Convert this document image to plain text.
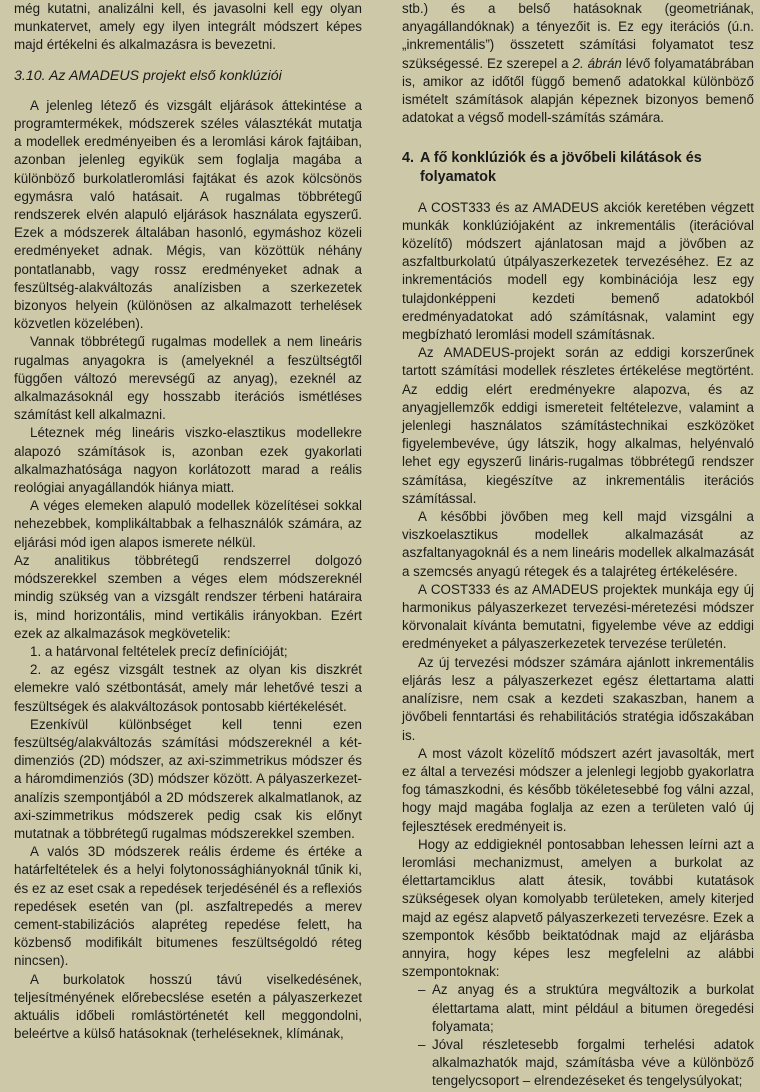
még kutatni, analizálni kell, és javasolni kell egy olyan munkatervet, amely egy ilyen integrált módszert képes majd értékelni és alkalmazásra is bevezetni.

3.10. Az AMADEUS projekt első konklúziói

A jelenleg létező és vizsgált eljárások áttekintése a programtermékek, módszerek széles választékát mutatja a modellek eredményeiben és a leromlási károk fajtáiban, azonban jelenleg egyikük sem foglalja magába a különböző burkolatleromlási fajtákat és azok kölcsönös egymásra való hatásait. A rugalmas többrétegű rendszerek elvén alapuló eljárások használata egyszerű. Ezek a módszerek általában hasonló, egymáshoz közeli eredményeket adnak. Mégis, van közöttük néhány pontatlanabb, vagy rossz eredményeket adnak a feszültség-alakváltozás analízisben a szerkezetek bizonyos helyein (különösen az alkalmazott terhelések közvetlen közelében).

Vannak többrétegű rugalmas modellek a nem lineáris rugalmas anyagokra is (amelyeknél a feszültségtől függően változó merevségű az anyag), ezeknél az alkalmazásoknál egy hosszabb iterációs ismétléses számítást kell alkalmazni.

Léteznek még lineáris viszko-elasztikus modellekre alapozó számítások is, azonban ezek gyakorlati alkalmazhatósága nagyon korlátozott marad a reális reológiai anyagállandók hiánya miatt.

A véges elemeken alapuló modellek közelítései sokkal nehezebbek, komplikáltabbak a felhasználók számára, az eljárási mód igen alapos ismerete nélkül.

Az analitikus többrétegű rendszerrel dolgozó módszerekkel szemben a véges elem módszereknél mindig szükség van a vizsgált rendszer térbeni határaira is, mind horizontális, mind vertikális irányokban. Ezért ezek az alkalmazások megkövetelik:

1. a határvonal feltételek precíz definícióját;

2. az egész vizsgált testnek az olyan kis diszkrét elemekre való szétbontását, amely már lehetővé teszi a feszültségek és alakváltozások pontosabb kiértékelését.

Ezenkívül különbséget kell tenni ezen feszültség/alakváltozás számítási módszereknél a két-dimenziós (2D) módszer, az axi-szimmetrikus módszer és a háromdimenziós (3D) módszer között. A pályaszerkezet-analízis szempontjából a 2D módszerek alkalmatlanok, az axi-szimmetrikus módszerek pedig csak kis előnyt mutatnak a többrétegű rugalmas módszerekkel szemben.

A valós 3D módszerek reális érdeme és értéke a határfeltételek és a helyi folytonossághiányoknál tűnik ki, és ez az eset csak a repedések terjedésénél és a reflexiós repedések esetén van (pl. aszfaltrepedés a merev cement-stabilizációs alapréteg repedése felett, ha közbenső modifikált bitumenes feszültségoldó réteg nincsen).

A burkolatok hosszú távú viselkedésének, teljesítményének előrebecslése esetén a pályaszerkezet aktuális időbeli romlástörténetét kell meggondolni, beleértve a külső hatásoknak (terheléseknek, klímának,

stb.) és a belső hatásoknak (geometriának, anyagállandóknak) a tényezőit is. Ez egy iterációs (ú.n. „inkrementális”) összetett számítási folyamatot tesz szükségessé. Ez szerepel a 2. ábrán lévő folyamatábrában is, amikor az időtől függő bemenő adatokkal különböző ismételt számítások alapján képeznek bizonyos bemenő adatokat a végső modell-számítás számára.

4. A fő konklúziók és a jövőbeli kilátások és folyamatok

A COST333 és az AMADEUS akciók keretében végzett munkák konklúziójaként az inkrementális (iterációval közelítő) módszert ajánlatosan majd a jövőben az aszfaltburkolatú útpályaszerkezetek tervezéséhez. Ez az inkrementációs modell egy kombinációja lesz egy tulajdonképpeni kezdeti bemenő adatokból eredményadatokat adó számításnak, valamint egy megbízható leromlási modell számításnak.

Az AMADEUS-projekt során az eddigi korszerűnek tartott számítási modellek részletes értékelése megtörtént. Az eddig elért eredményekre alapozva, és az anyagjellemzők eddigi ismereteit feltételezve, valamint a jelenlegi használatos számítástechnikai eszközöket figyelembevéve, úgy látszik, hogy alkalmas, helyénvaló lehet egy egyszerű lináris-rugalmas többrétegű rendszer számítása, kiegészítve az inkrementális iterációs számítással.

A későbbi jövőben meg kell majd vizsgálni a viszkoelasztikus modellek alkalmazását az aszfaltanyagoknál és a nem lineáris modellek alkalmazását a szemcsés anyagú rétegek és a talajréteg értékelésére.

A COST333 és az AMADEUS projektek munkája egy új harmonikus pályaszerkezet tervezési-méretezési módszer körvonalait kívánta bemutatni, figyelembe véve az eddigi eredményeket a pályaszerkezetek tervezése területén.

Az új tervezési módszer számára ajánlott inkrementális eljárás lesz a pályaszerkezet egész élettartama alatti analízisre, nem csak a kezdeti szakaszban, hanem a jövőbeli fenntartási és rehabilitációs stratégia időszakában is.

A most vázolt közelítő módszert azért javasolták, mert ez által a tervezési módszer a jelenlegi legjobb gyakorlatra fog támaszkodni, és később tökéletesebbé fog válni azzal, hogy majd magába foglalja az ezen a területen való új fejlesztések eredményeit is.

Hogy az eddigieknél pontosabban lehessen leírni azt a leromlási mechanizmust, amelyen a burkolat az élettartamciklus alatt átesik, további kutatások szükségesek olyan komolyabb területeken, amely kiterjed majd az egész alapvető pályaszerkezeti tervezésre. Ezek a szempontok később beiktatódnak majd az eljárásba annyira, hogy képes lesz megfelelni az alábbi szempontoknak:

– Az anyag és a struktúra megváltozik a burkolat élettartama alatt, mint például a bitumen öregedési folyamata;

– Jóval részletesebb forgalmi terhelési adatok alkalmazhatók majd, számításba véve a különböző tengelycsoport – elrendezéseket és tengelysúlyokat;
